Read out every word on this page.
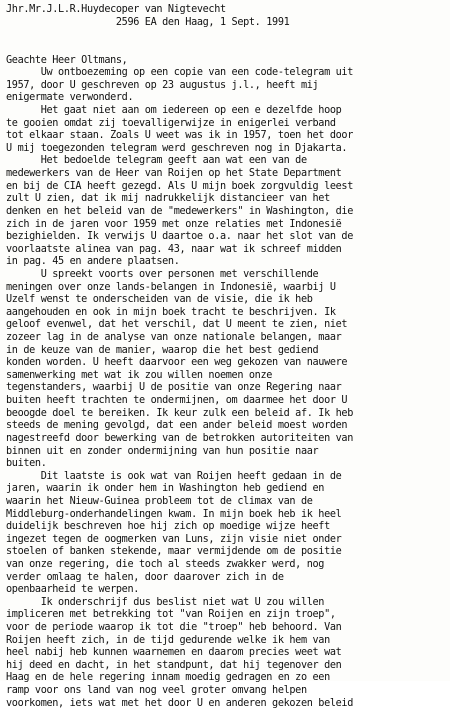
Jhr.Mr.J.L.R.Huydecoper van Nigtevecht
2596 EA den Haag, 1 Sept. 1991
Geachte Heer Oltmans,
Uw ontboezeming op een copie van een code-telegram uit
1957, door U geschreven op 23 augustus j.l., heeft mij
enigermate verwonderd.
Het gaat niet aan om iedereen op een e dezelfde hoop
te gooien omdat zij toevalligerwijze in enigerlei verband
tot elkaar staan. Zoals U weet was ik in 1957, toen het door
U mij toegezonden telegram werd geschreven nog in Djakarta.
Het bedoelde telegram geeft aan wat een van de
medewerkers van de Heer van Roijen op het State Department
en bij de CIA heeft gezegd. Als U mijn boek zorgvuldig leest
zult U zien, dat ik mij nadrukkelijk distancieer van het
denken en het beleid van de "medewerkers" in Washington, die
zich in de jaren voor 1959 met onze relaties met Indonesië
bezighielden. Ik verwijs U daartoe o.a. naar het slot van de
voorlaatste alinea van pag. 43, naar wat ik schreef midden
in pag. 45 en andere plaatsen.
U spreekt voorts over personen met verschillende
meningen over onze lands-belangen in Indonesië, waarbij U
Uzelf wenst te onderscheiden van de visie, die ik heb
aangehouden en ook in mijn boek tracht te beschrijven. Ik
geloof evenwel, dat het verschil, dat U meent te zien, niet
zozeer lag in de analyse van onze nationale belangen, maar
in de keuze van de manier, waarop die het best gediend
konden worden. U heeft daarvoor een weg gekozen van nauwere
samenwerking met wat ik zou willen noemen onze
tegenstanders, waarbij U de positie van onze Regering naar
buiten heeft trachten te ondermijnen, om daarmee het door U
beoogde doel te bereiken. Ik keur zulk een beleid af. Ik heb
steeds de mening gevolgd, dat een ander beleid moest worden
nagestreefd door bewerking van de betrokken autoriteiten van
binnen uit en zonder ondermijning van hun positie naar
buiten.
Dit laatste is ook wat van Roijen heeft gedaan in de
jaren, waarin ik onder hem in Washington heb gediend en
waarin het Nieuw-Guinea probleem tot de climax van de
Middleburg-onderhandelingen kwam. In mijn boek heb ik heel
duidelijk beschreven hoe hij zich op moedige wijze heeft
ingezet tegen de oogmerken van Luns, zijn visie niet onder
stoelen of banken stekende, maar vermijdende om de positie
van onze regering, die toch al steeds zwakker werd, nog
verder omlaag te halen, door daarover zich in de
openbaarheid te werpen.
Ik onderschrijf dus beslist niet wat U zou willen
impliceren met betrekking tot "van Roijen en zijn troep",
voor de periode waarop ik tot die "troep" heb behoord. Van
Roijen heeft zich, in de tijd gedurende welke ik hem van
heel nabij heb kunnen waarnemen en daarom precies weet wat
hij deed en dacht, in het standpunt, dat hij tegenover den
Haag en de hele regering innam moedig gedragen en zo een
ramp voor ons land van nog veel groter omvang helpen
voorkomen, iets wat met het door U en anderen gekozen beleid
